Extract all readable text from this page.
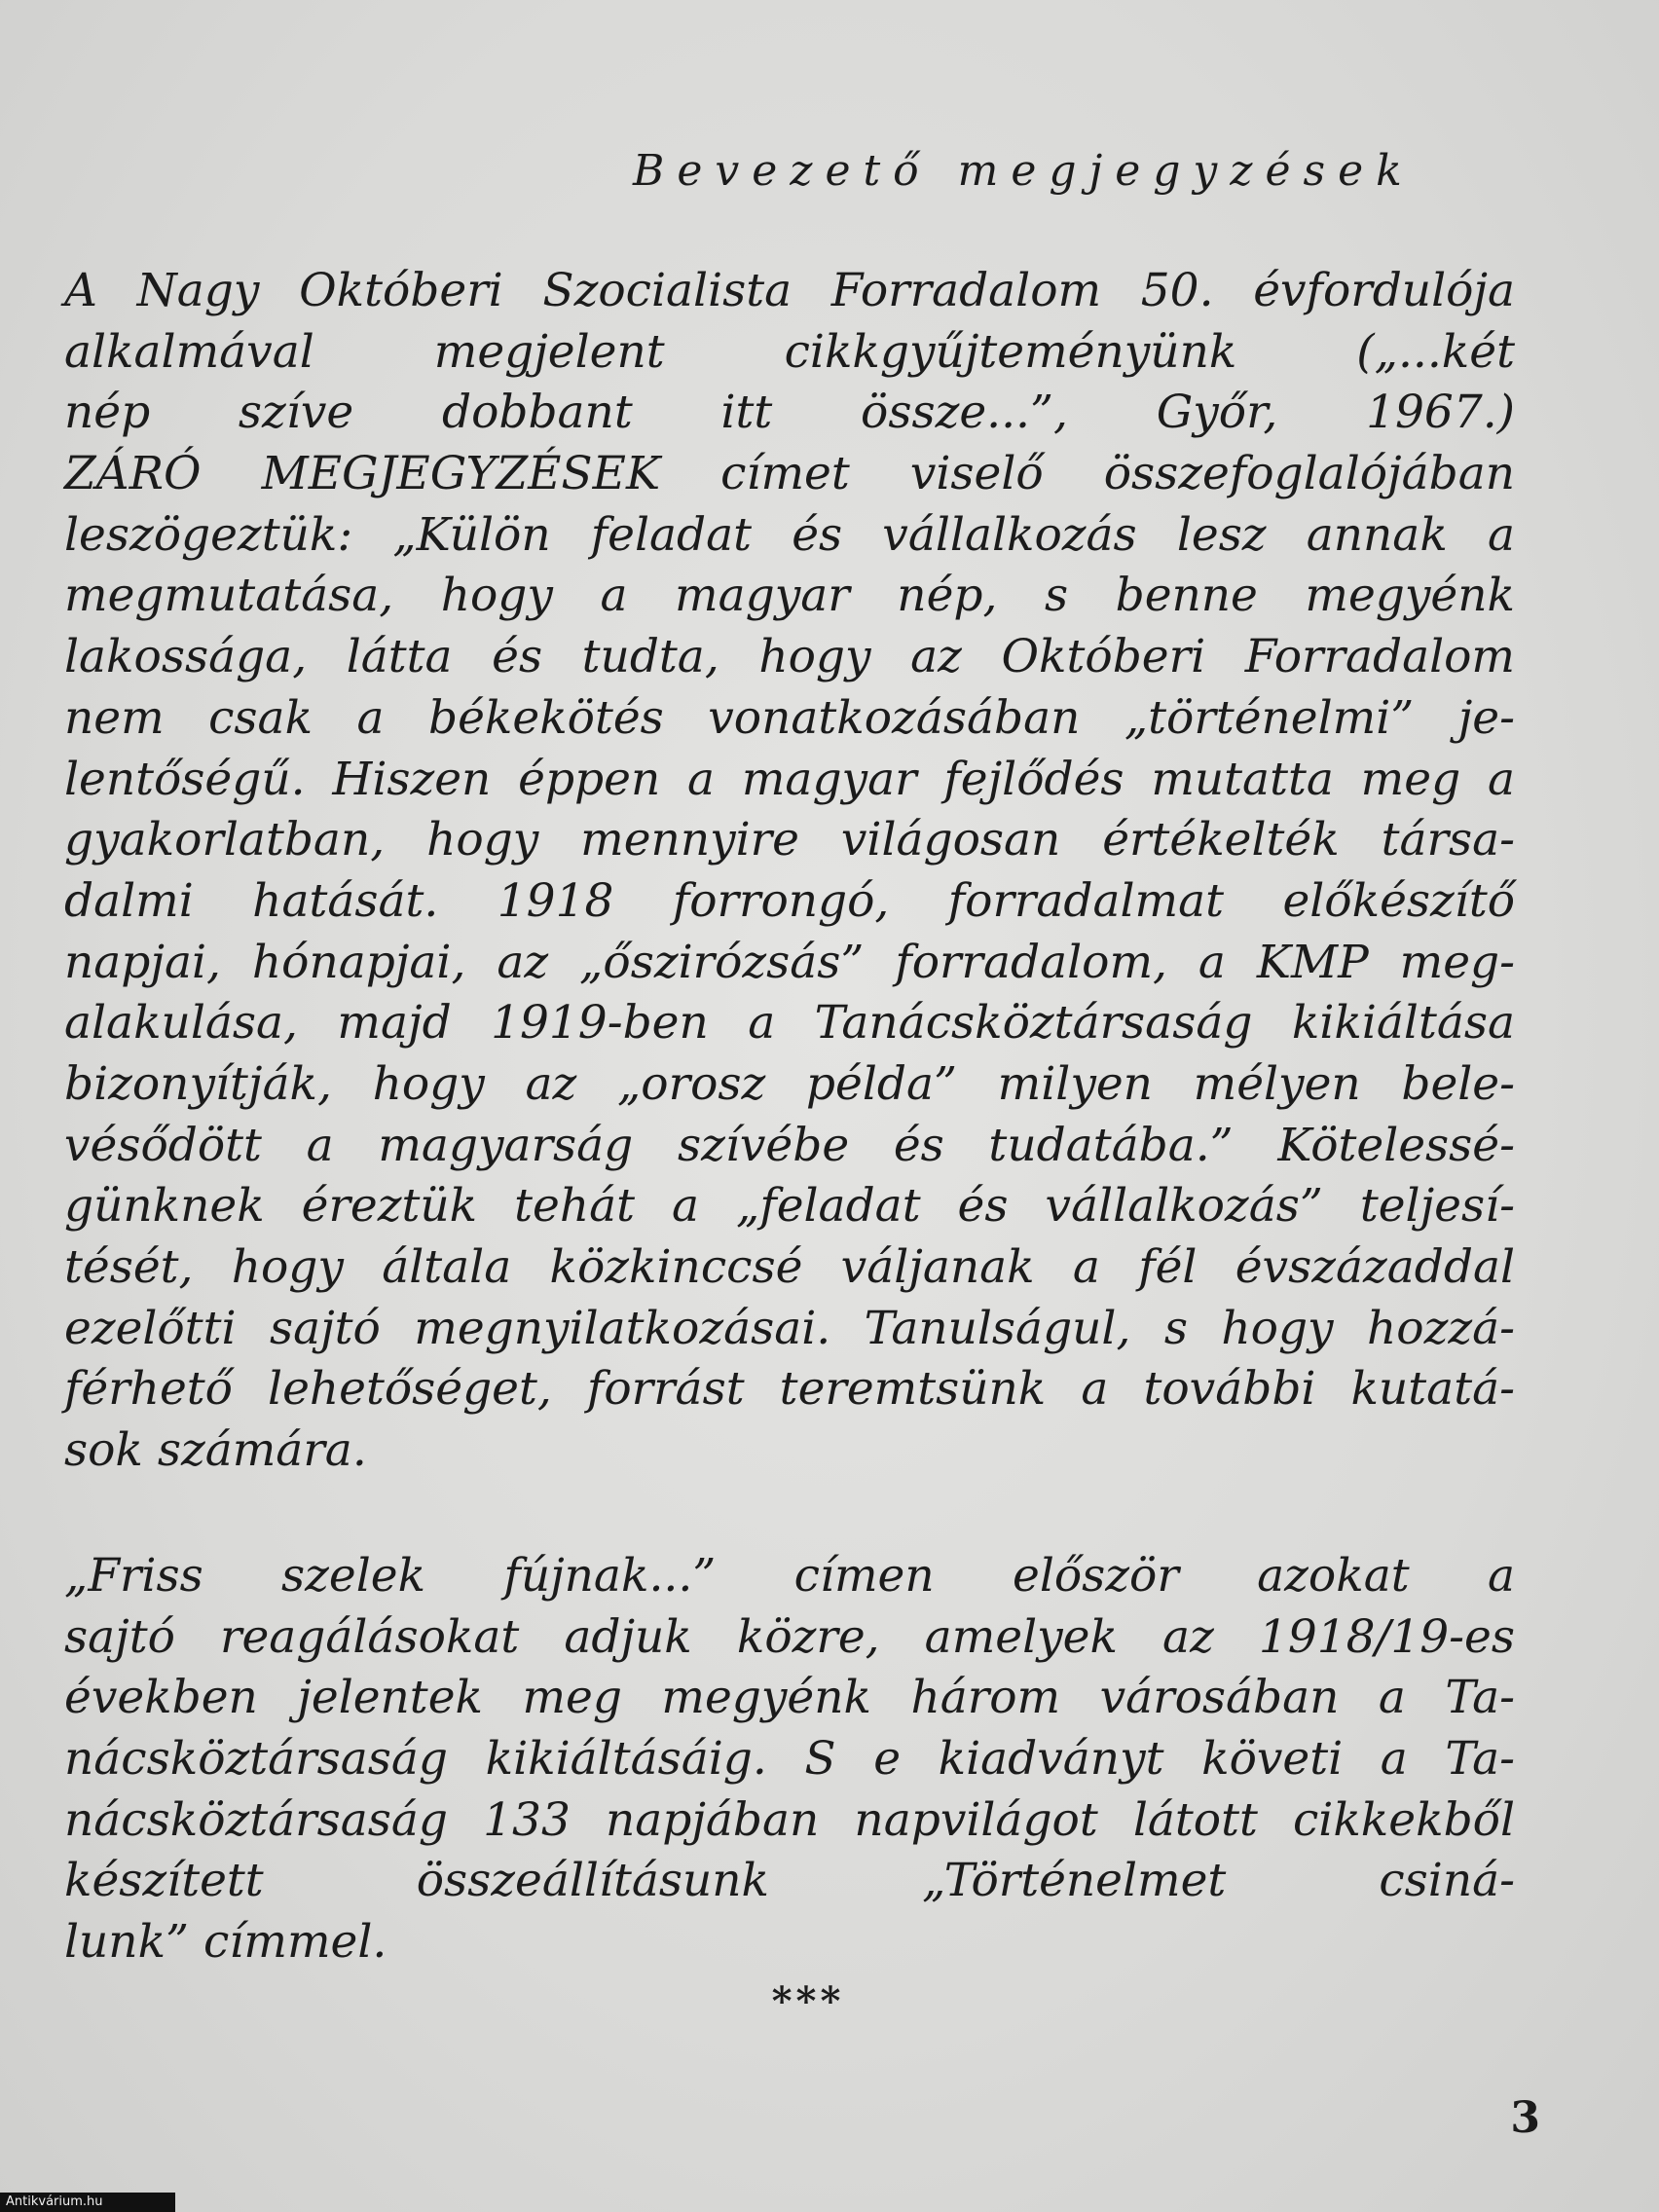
Bevezető megjegyzések
A Nagy Októberi Szocialista Forradalom 50. évfordulója
alkalmával megjelent cikkgyűjteményünk („...két
nép szíve dobbant itt össze...”, Győr, 1967.)
ZÁRÓ MEGJEGYZÉSEK címet viselő összefoglalójában
leszögeztük: „Külön feladat és vállalkozás lesz annak a
megmutatása, hogy a magyar nép, s benne megyénk
lakossága, látta és tudta, hogy az Októberi Forradalom
nem csak a békekötés vonatkozásában „történelmi” je-
lentőségű. Hiszen éppen a magyar fejlődés mutatta meg a
gyakorlatban, hogy mennyire világosan értékelték társa-
dalmi hatását. 1918 forrongó, forradalmat előkészítő
napjai, hónapjai, az „őszirózsás” forradalom, a KMP meg-
alakulása, majd 1919-ben a Tanácsköztársaság kikiáltása
bizonyítják, hogy az „orosz példa” milyen mélyen bele-
vésődött a magyarság szívébe és tudatába.” Kötelessé-
günknek éreztük tehát a „feladat és vállalkozás” teljesí-
tését, hogy általa közkinccsé váljanak a fél évszázaddal
ezelőtti sajtó megnyilatkozásai. Tanulságul, s hogy hozzá-
férhető lehetőséget, forrást teremtsünk a további kutatá-
sok számára.
„Friss szelek fújnak...” címen először azokat a
sajtó reagálásokat adjuk közre, amelyek az 1918/19-es
években jelentek meg megyénk három városában a Ta-
nácsköztársaság kikiáltásáig. S e kiadványt követi a Ta-
nácsköztársaság 133 napjában napvilágot látott cikkekből
készített összeállításunk „Történelmet csiná-
lunk” címmel.
***
3
Antikvárium.hu
